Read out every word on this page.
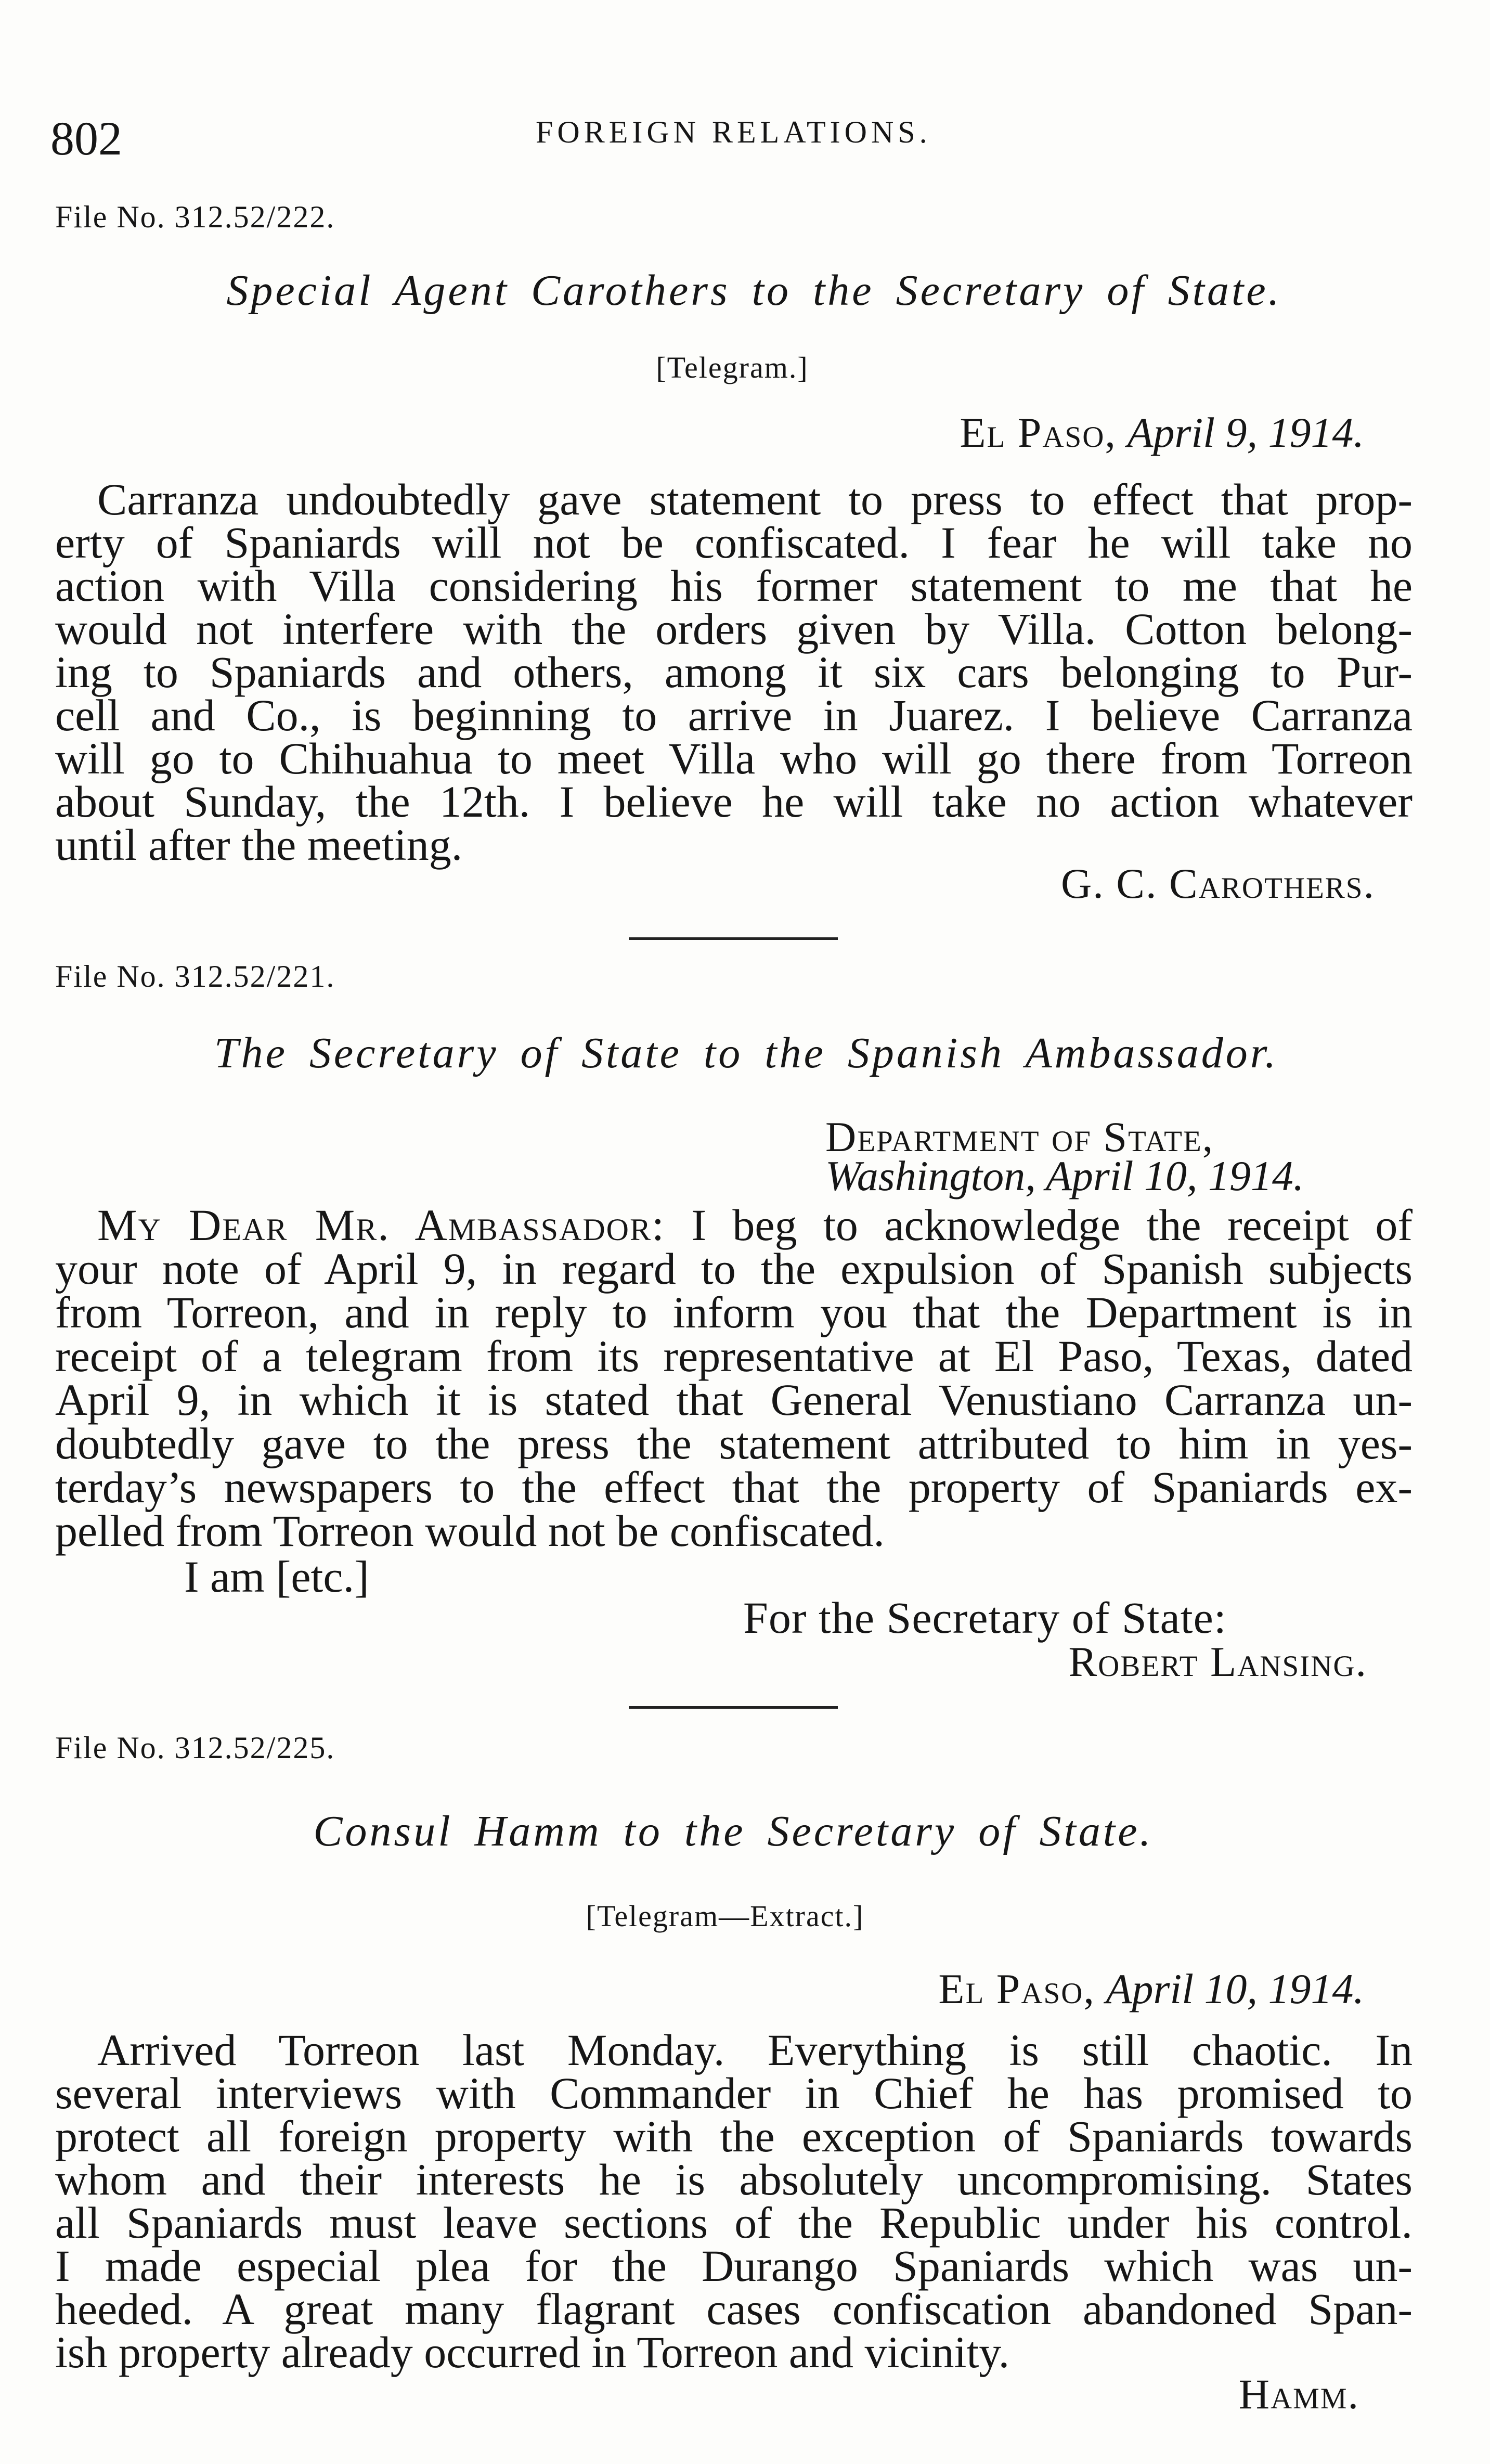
802	FOREIGN RELATIONS.
File No. 312.52/222.
Special Agent Carothers to the Secretary of State.
[Telegram.]
El Paso, April 9, 1914.
Carranza undoubtedly gave statement to press to effect that prop-
erty of Spaniards will not be confiscated. I fear he will take no
action with Villa considering his former statement to me that he
would not interfere with the orders given by Villa. Cotton belong-
ing to Spaniards and others, among it six cars belonging to Pur-
cell and Co., is beginning to arrive in Juarez. I believe Carranza
will go to Chihuahua to meet Villa who will go there from Torreon
about Sunday, the 12th. I believe he will take no action whatever
until after the meeting.
G. C. Carothers.
File No. 312.52/221.
The Secretary of State to the Spanish Ambassador.
Department of State,
Washington, April 10, 1914.
My Dear Mr. Ambassador: I beg to acknowledge the receipt of
your note of April 9, in regard to the expulsion of Spanish subjects
from Torreon, and in reply to inform you that the Department is in
receipt of a telegram from its representative at El Paso, Texas, dated
April 9, in which it is stated that General Venustiano Carranza un-
doubtedly gave to the press the statement attributed to him in yes-
terday’s newspapers to the effect that the property of Spaniards ex-
pelled from Torreon would not be confiscated.
I am [etc.]
For the Secretary of State:
Robert Lansing.
File No. 312.52/225.
Consul Hamm to the Secretary of State.
[Telegram—Extract.]
El Paso, April 10, 1914.
Arrived Torreon last Monday. Everything is still chaotic. In
several interviews with Commander in Chief he has promised to
protect all foreign property with the exception of Spaniards towards
whom and their interests he is absolutely uncompromising. States
all Spaniards must leave sections of the Republic under his control.
I made especial plea for the Durango Spaniards which was un-
heeded. A great many flagrant cases confiscation abandoned Span-
ish property already occurred in Torreon and vicinity.
Hamm.
